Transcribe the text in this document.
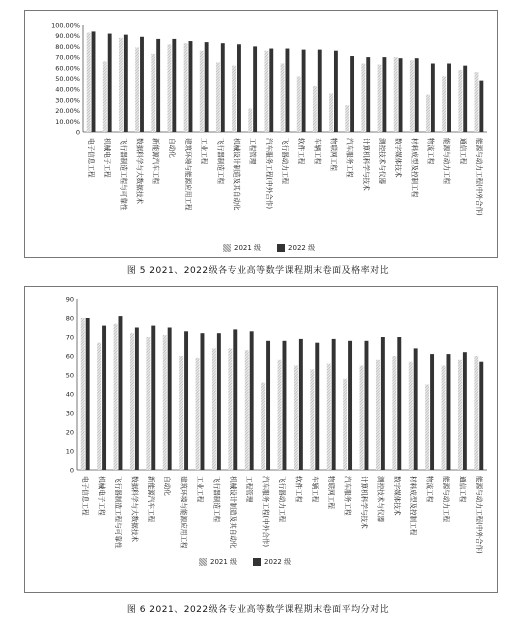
0
10.00%
20.00%
30.00%
40.00%
50.00%
60.00%
70.00%
80.00%
90.00%
100.00%
电子信息工程 机械电子工程 飞行器制造工程与可靠性 数据科学与大数据技术 新能源汽车工程 自动化 建筑环境与能源应用工程 工业工程 飞行器制造工程 机械设计制造及其自动化 工程管理 汽车服务工程(中外合作) 飞行器动力工程 软件工程 车辆工程 物联网工程 汽车服务工程 计算机科学与技术 测控技术与仪器 数字媒体技术 材料成型及控制工程 物流工程 能源与动力工程 通信工程 能源与动力工程(中外合作)
2021 级	2022 级
图 5 2021、2022级各专业高等数学课程期末卷面及格率对比
0
10
20
30
40
50
60
70
80
90
电子信息工程 机械电子工程 飞行器制造工程与可靠性 数据科学与大数据技术 新能源汽车工程 自动化 建筑环境与能源应用工程 工业工程 飞行器制造工程 机械设计制造及其自动化 工程管理 汽车服务工程(中外合作) 飞行器动力工程 软件工程 车辆工程 物联网工程 汽车服务工程 计算机科学与技术 测控技术与仪器 数字媒体技术 材料成型及控制工程 物流工程 能源与动力工程 通信工程 能源与动力工程(中外合作)
2021 级	2022 级
图 6 2021、2022级各专业高等数学课程期末卷面平均分对比
